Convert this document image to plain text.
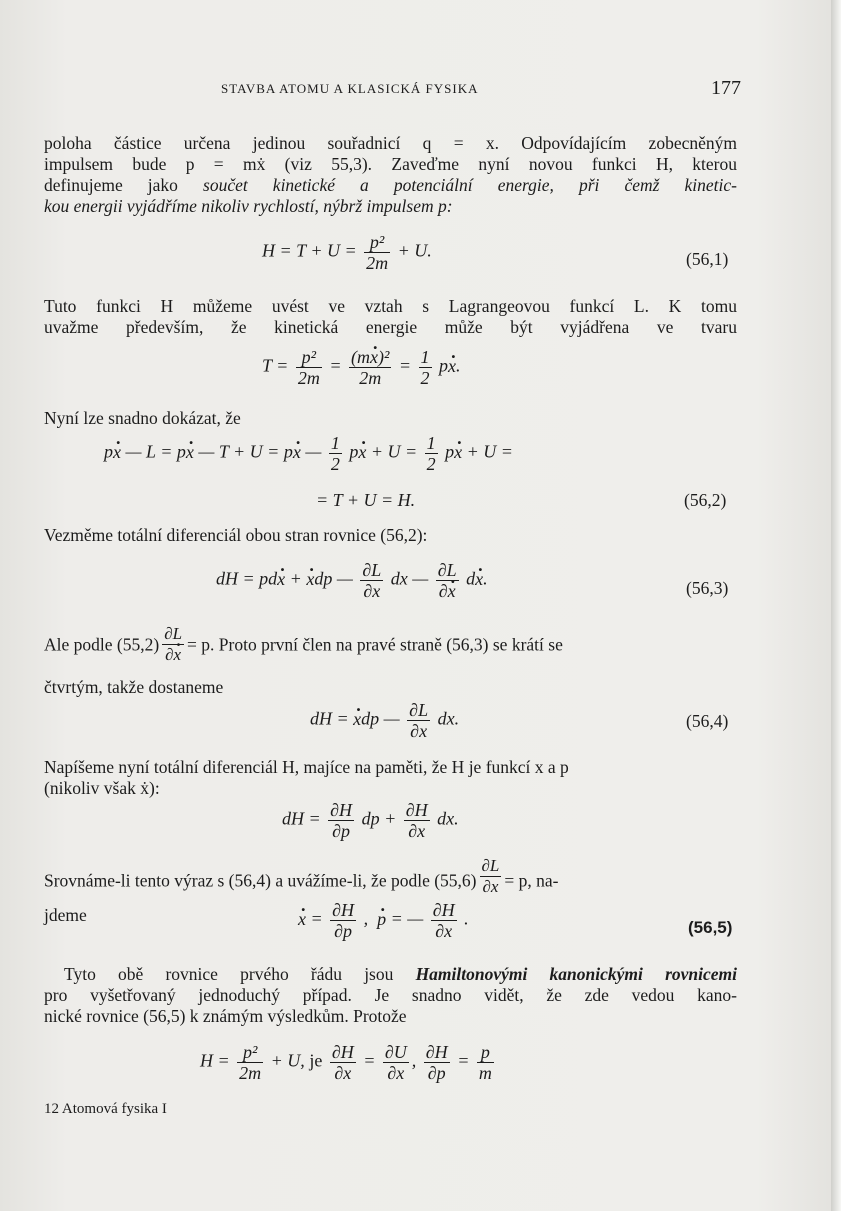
STAVBA ATOMU A KLASICKÁ FYSIKA	177
poloha částice určena jedinou souřadnicí q = x. Odpovídajícím zobecněným
impulsem bude p = mẋ (viz 55,3). Zaveďme nyní novou funkci H, kterou
definujeme jako součet kinetické a potenciální energie, při čemž kinetic-
kou energii vyjádříme nikoliv rychlostí, nýbrž impulsem p:
$H = T + U = \frac{\text{p²}}{2m} + U$.	(56,1)
Tuto funkci H můžeme uvést ve vztah s Lagrangeovou funkcí L. K tomu
uvažme především, že kinetická energie může být vyjádřena ve tvaru
$T = \frac{\text{p²}}{2m} = \frac{\text{(mx .)²}}{2m} = \frac{1}{2}$ px ..
Nyní lze snadno dokázat, že
px . — L = px . — T + U = px . — $\frac{1}{2}$ px . + $U = \frac{1}{2}$ px . + U =
= T + U = H.	(56,2)
Vezměme totální diferenciál obou stran rovnice (56,2):
dH = pdx . + x .dp — $\frac{\partial L}{\partial x}$ dx — $\frac{\partial L}{\partial x}$ . dx ..	(56,3)
Ale podle $(55,2) \frac{\partial L}{\partial x}$ . = p. Proto první člen na pravé straně (56,3) se krátí se
čtvrtým, takže dostaneme
dH = x .dp — $\frac{\partial L}{\partial x}$ dx.	(56,4)
Napíšeme nyní totální diferenciál H, majíce na paměti, že H je funkcí x a p
(nikoliv však ẋ):
dH = $\frac{\partial H}{\partial p}$ dp + $\frac{\partial H}{\partial x}$ dx.
Srovnáme-li tento výraz s (56,4) a uvážíme-li, že podle $(55,6) \frac{\partial L}{\partial x} = p$, na-
jdeme	x . = $\frac{\partial H}{\partial p}$ ,  p . = — $\frac{\partial H}{\partial x}$ .	(56,5)
Tyto obě rovnice prvého řádu jsou Hamiltonovými kanonickými rovnicemi
pro vyšetřovaný jednoduchý případ. Je snadno vidět, že zde vedou kano-
nické rovnice (56,5) k známým výsledkům. Protože
$H = \frac{\text{p²}}{2m} + U$, je $\frac{\partial H}{\partial x} = \frac{\partial U}{\partial x}$ , $\frac{\partial H}{\partial p} = \frac{p}{m}$
12 Atomová fysika I
